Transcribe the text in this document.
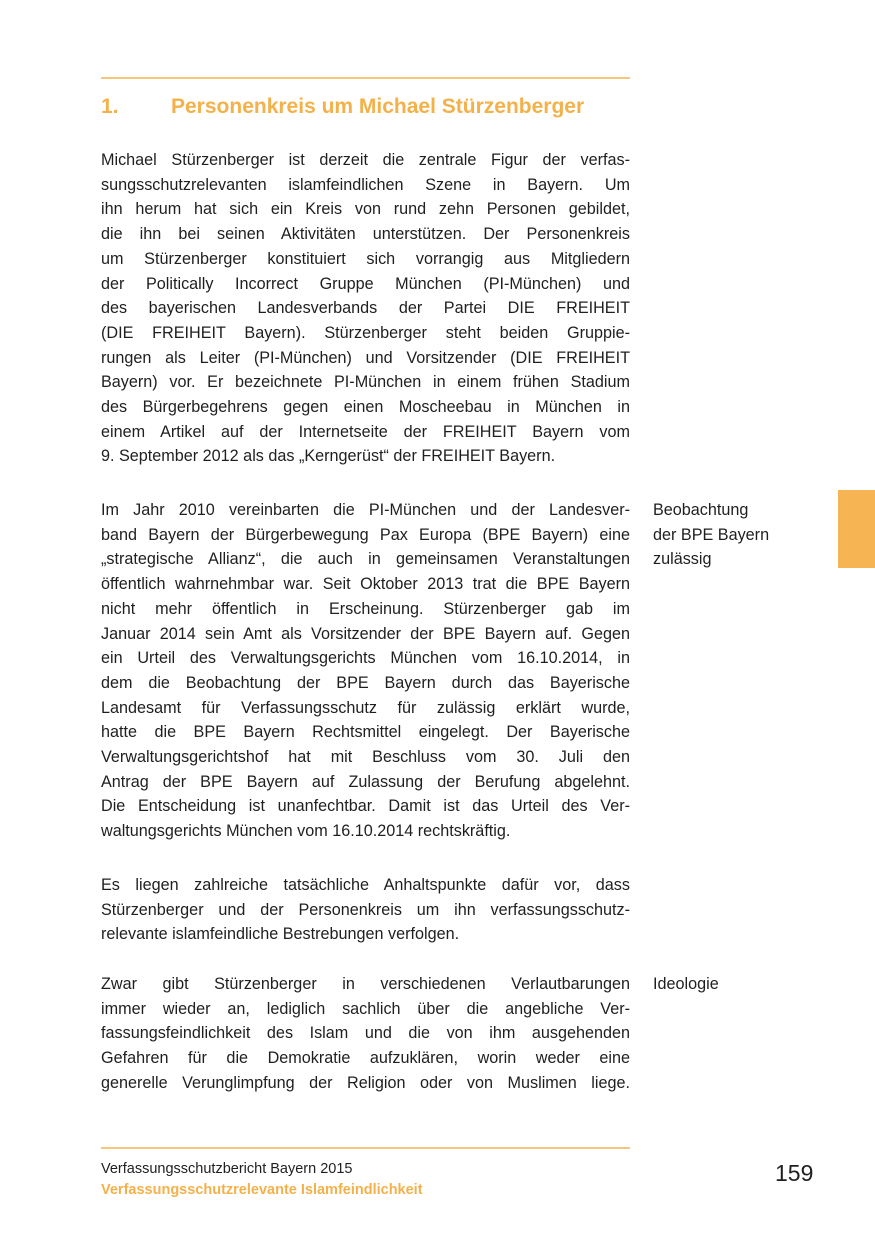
1. Personenkreis um Michael Stürzenberger
Michael Stürzenberger ist derzeit die zentrale Figur der verfas-
sungsschutzrelevanten islamfeindlichen Szene in Bayern. Um
ihn herum hat sich ein Kreis von rund zehn Personen gebildet,
die ihn bei seinen Aktivitäten unterstützen. Der Personenkreis
um Stürzenberger konstituiert sich vorrangig aus Mitgliedern
der Politically Incorrect Gruppe München (PI-München) und
des bayerischen Landesverbands der Partei DIE FREIHEIT
(DIE FREIHEIT Bayern). Stürzenberger steht beiden Gruppie-
rungen als Leiter (PI-München) und Vorsitzender (DIE FREIHEIT
Bayern) vor. Er bezeichnete PI-München in einem frühen Stadium
des Bürgerbegehrens gegen einen Moscheebau in München in
einem Artikel auf der Internetseite der FREIHEIT Bayern vom
9. September 2012 als das „Kerngerüst“ der FREIHEIT Bayern.
Im Jahr 2010 vereinbarten die PI-München und der Landesver-
band Bayern der Bürgerbewegung Pax Europa (BPE Bayern) eine
„strategische Allianz“, die auch in gemeinsamen Veranstaltungen
öffentlich wahrnehmbar war. Seit Oktober 2013 trat die BPE Bayern
nicht mehr öffentlich in Erscheinung. Stürzenberger gab im
Januar 2014 sein Amt als Vorsitzender der BPE Bayern auf. Gegen
ein Urteil des Verwaltungsgerichts München vom 16.10.2014, in
dem die Beobachtung der BPE Bayern durch das Bayerische
Landesamt für Verfassungsschutz für zulässig erklärt wurde,
hatte die BPE Bayern Rechtsmittel eingelegt. Der Bayerische
Verwaltungsgerichtshof hat mit Beschluss vom 30. Juli den
Antrag der BPE Bayern auf Zulassung der Berufung abgelehnt.
Die Entscheidung ist unanfechtbar. Damit ist das Urteil des Ver-
waltungsgerichts München vom 16.10.2014 rechtskräftig.
Beobachtung
der BPE Bayern
zulässig
Es liegen zahlreiche tatsächliche Anhaltspunkte dafür vor, dass
Stürzenberger und der Personenkreis um ihn verfassungsschutz-
relevante islamfeindliche Bestrebungen verfolgen.
Zwar gibt Stürzenberger in verschiedenen Verlautbarungen
immer wieder an, lediglich sachlich über die angebliche Ver-
fassungsfeindlichkeit des Islam und die von ihm ausgehenden
Gefahren für die Demokratie aufzuklären, worin weder eine
generelle Verunglimpfung der Religion oder von Muslimen liege.
Ideologie
Verfassungsschutzbericht Bayern 2015
Verfassungsschutzrelevante Islamfeindlichkeit
159
